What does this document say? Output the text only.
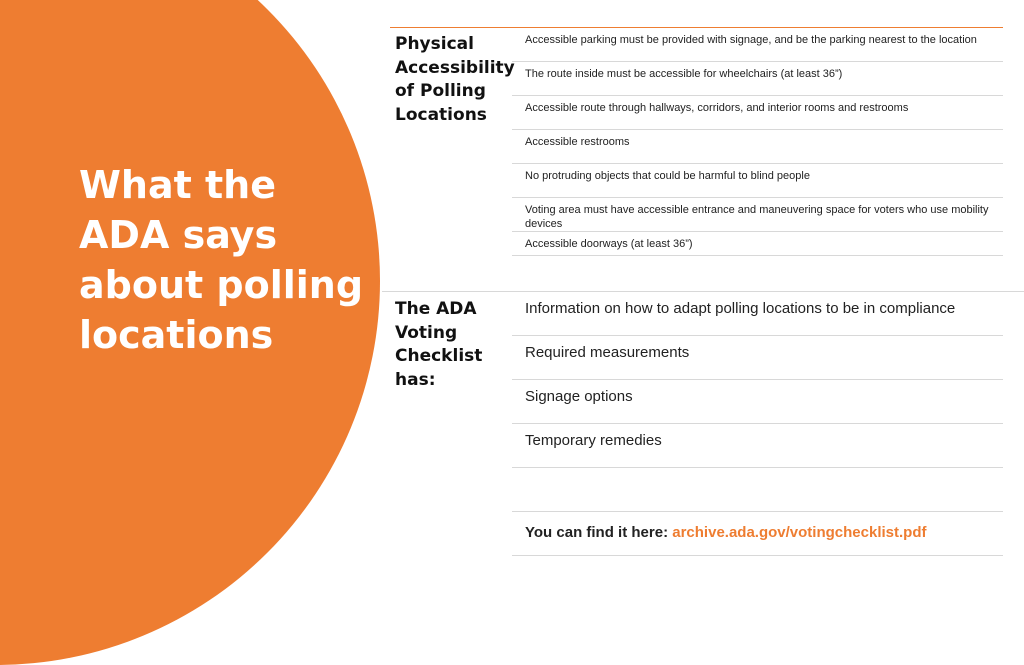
What the ADA says about polling locations
Physical Accessibility of Polling Locations
Accessible parking must be provided with signage, and be the parking nearest to the location
The route inside must be accessible for wheelchairs (at least 36”)
Accessible route through hallways, corridors, and interior rooms and restrooms
Accessible restrooms
No protruding objects that could be harmful to blind people
Voting area must have accessible entrance and maneuvering space for voters who use mobility devices
Accessible doorways (at least 36”)
The ADA Voting Checklist has:
Information on how to adapt polling locations to be in compliance
Required measurements
Signage options
Temporary remedies
You can find it here: archive.ada.gov/votingchecklist.pdf
